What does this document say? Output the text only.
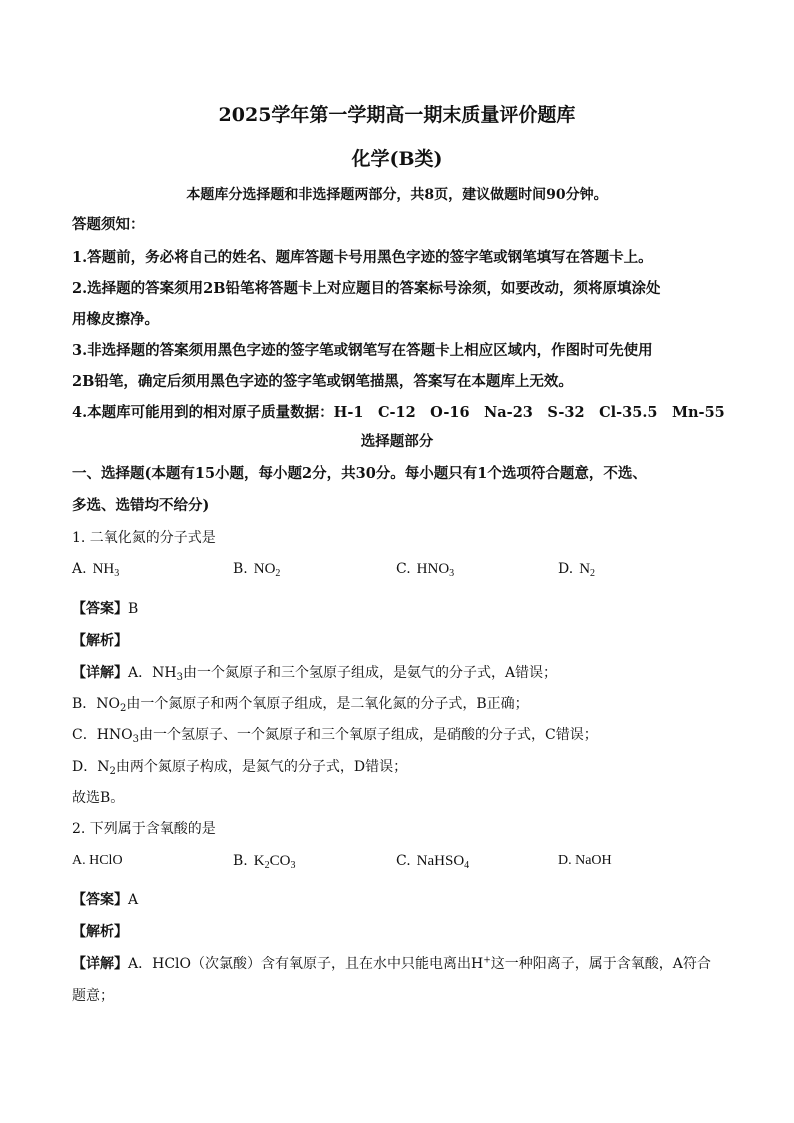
2025学年第一学期高一期末质量评价题库
化学(B类)
本题库分选择题和非选择题两部分，共8页，建议做题时间90分钟。
答题须知：
1.答题前，务必将自己的姓名、题库答题卡号用黑色字迹的签字笔或钢笔填写在答题卡上。
2.选择题的答案须用2B铅笔将答题卡上对应题目的答案标号涂须，如要改动，须将原填涂处
用橡皮擦净。
3.非选择题的答案须用黑色字迹的签字笔或钢笔写在答题卡上相应区域内，作图时可先使用
2B铅笔，确定后须用黑色字迹的签字笔或钢笔描黑，答案写在本题库上无效。
4.本题库可能用到的相对原子质量数据：H-1　C-12　O-16　Na-23　S-32　Cl-35.5　Mn-55
选择题部分
一、选择题(本题有15小题，每小题2分，共30分。每小题只有1个选项符合题意，不选、
多选、选错均不给分)
1. 二氧化氮的分子式是
A. $NH_3$	B. $NO_2$	C. $HNO_3$	D. $N_2$
【答案】B
【解析】
【详解】A．$NH_3$由一个氮原子和三个氢原子组成，是氨气的分子式，A错误；
B．$NO_2$由一个氮原子和两个氧原子组成，是二氧化氮的分子式，B正确；
C．$HNO_3$由一个氢原子、一个氮原子和三个氧原子组成，是硝酸的分子式，C错误；
D．$N_2$由两个氮原子构成，是氮气的分子式，D错误；
故选B。
2. 下列属于含氧酸的是
A. HClO	B. $K_2CO_3$	C. NaHSO$_4$	D. NaOH
【答案】A
【解析】
【详解】A．HClO（次氯酸）含有氧原子，且在水中只能电离出H+这一种阳离子，属于含氧酸，A符合
题意；
